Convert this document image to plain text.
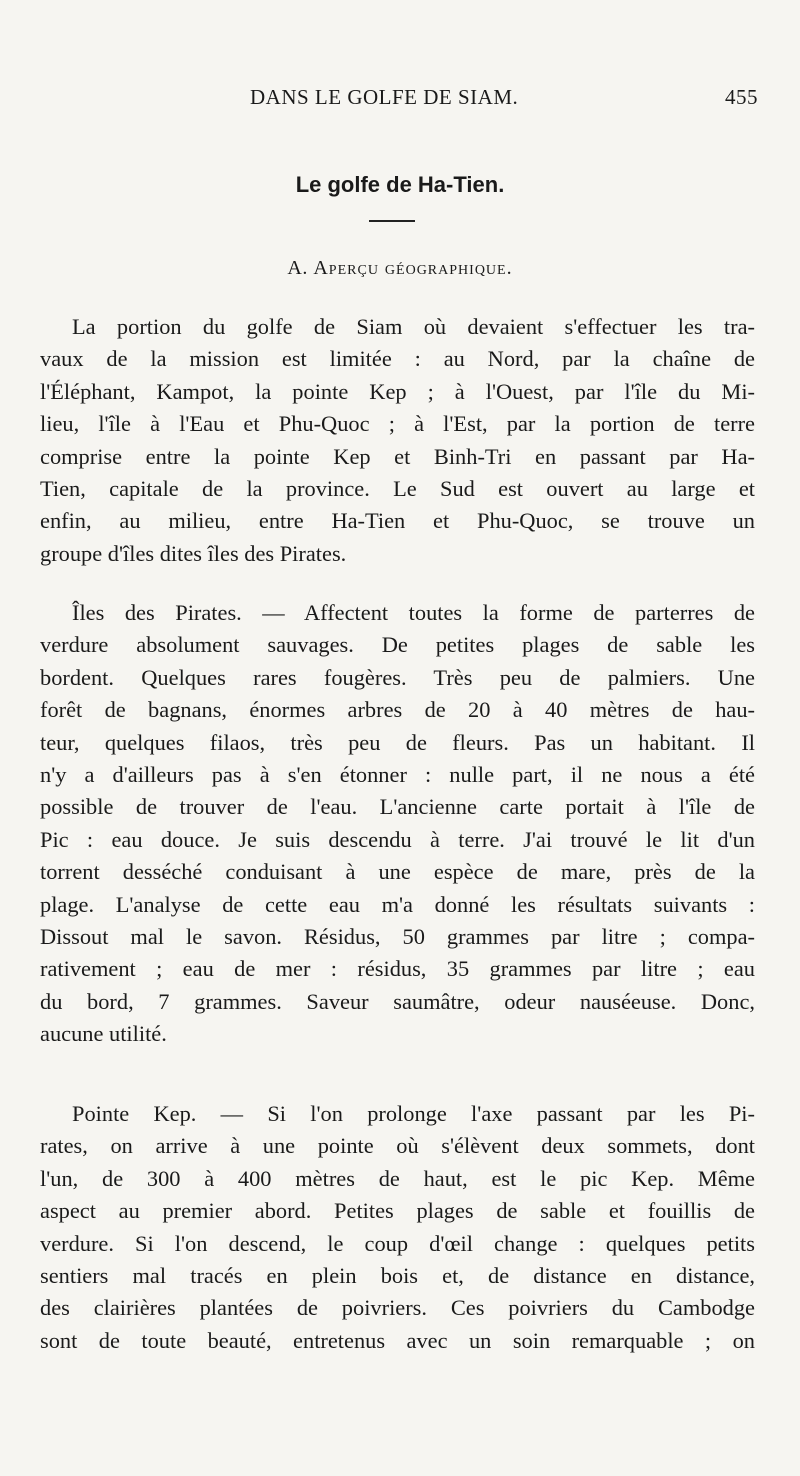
DANS LE GOLFE DE SIAM.	455
Le golfe de Ha-Tien.
A. Aperçu géographique.
La portion du golfe de Siam où devaient s'effectuer les tra-
vaux de la mission est limitée : au Nord, par la chaîne de
l'Éléphant, Kampot, la pointe Kep ; à l'Ouest, par l'île du Mi-
lieu, l'île à l'Eau et Phu-Quoc ; à l'Est, par la portion de terre
comprise entre la pointe Kep et Binh-Tri en passant par Ha-
Tien, capitale de la province. Le Sud est ouvert au large et
enfin, au milieu, entre Ha-Tien et Phu-Quoc, se trouve un
groupe d'îles dites îles des Pirates.
Îles des Pirates. — Affectent toutes la forme de parterres de
verdure absolument sauvages. De petites plages de sable les
bordent. Quelques rares fougères. Très peu de palmiers. Une
forêt de bagnans, énormes arbres de 20 à 40 mètres de hau-
teur, quelques filaos, très peu de fleurs. Pas un habitant. Il
n'y a d'ailleurs pas à s'en étonner : nulle part, il ne nous a été
possible de trouver de l'eau. L'ancienne carte portait à l'île de
Pic : eau douce. Je suis descendu à terre. J'ai trouvé le lit d'un
torrent desséché conduisant à une espèce de mare, près de la
plage. L'analyse de cette eau m'a donné les résultats suivants :
Dissout mal le savon. Résidus, 50 grammes par litre ; compa-
rativement ; eau de mer : résidus, 35 grammes par litre ; eau
du bord, 7 grammes. Saveur saumâtre, odeur nauséeuse. Donc,
aucune utilité.
Pointe Kep. — Si l'on prolonge l'axe passant par les Pi-
rates, on arrive à une pointe où s'élèvent deux sommets, dont
l'un, de 300 à 400 mètres de haut, est le pic Kep. Même
aspect au premier abord. Petites plages de sable et fouillis de
verdure. Si l'on descend, le coup d'œil change : quelques petits
sentiers mal tracés en plein bois et, de distance en distance,
des clairières plantées de poivriers. Ces poivriers du Cambodge
sont de toute beauté, entretenus avec un soin remarquable ; on
